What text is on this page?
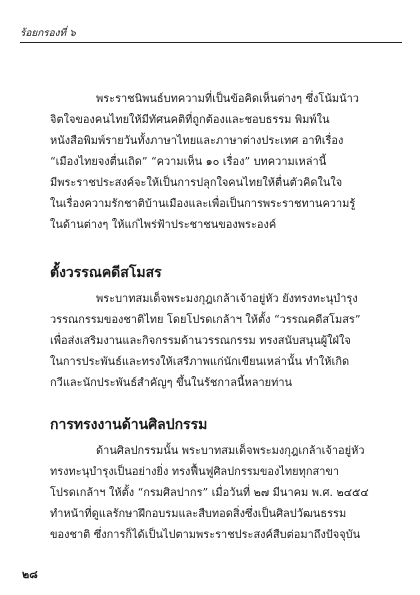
ร้อยกรองที่ ๖
พระราชนิพนธ์บทความที่เป็นข้อคิดเห็นต่างๆ ซึ่งโน้มน้าว
จิตใจของคนไทยให้มีทัศนคติที่ถูกต้องและชอบธรรม พิมพ์ใน
หนังสือพิมพ์รายวันทั้งภาษาไทยและภาษาต่างประเทศ อาทิเรื่อง
“เมืองไทยจงตื่นเถิด” “ความเห็น ๑๐ เรื่อง” บทความเหล่านี้
มีพระราชประสงค์จะให้เป็นการปลุกใจคนไทยให้ตื่นตัวคิดในใจ
ในเรื่องความรักชาติบ้านเมืองและเพื่อเป็นการพระราชทานความรู้
ในด้านต่างๆ ให้แก่ไพร่ฟ้าประชาชนของพระองค์
ตั้งวรรณคดีสโมสร
พระบาทสมเด็จพระมงกุฎเกล้าเจ้าอยู่หัว ยังทรงทะนุบำรุง
วรรณกรรมของชาติไทย โดยโปรดเกล้าฯ ให้ตั้ง “วรรณคดีสโมสร”
เพื่อส่งเสริมงานและกิจกรรมด้านวรรณกรรม ทรงสนับสนุนผู้ใฝ่ใจ
ในการประพันธ์และทรงให้เสรีภาพแก่นักเขียนเหล่านั้น ทำให้เกิด
กวีและนักประพันธ์สำคัญๆ ขึ้นในรัชกาลนี้หลายท่าน
การทรงงานด้านศิลปกรรม
ด้านศิลปกรรมนั้น พระบาทสมเด็จพระมงกุฎเกล้าเจ้าอยู่หัว
ทรงทะนุบำรุงเป็นอย่างยิ่ง ทรงฟื้นฟูศิลปกรรมของไทยทุกสาขา
โปรดเกล้าฯ ให้ตั้ง “กรมศิลปากร” เมื่อวันที่ ๒๗ มีนาคม พ.ศ. ๒๔๕๔
ทำหน้าที่ดูแลรักษาฝึกอบรมและสืบทอดสิ่งซึ่งเป็นศิลปวัฒนธรรม
ของชาติ ซึ่งการก็ได้เป็นไปตามพระราชประสงค์สืบต่อมาถึงปัจจุบัน
๒๘
